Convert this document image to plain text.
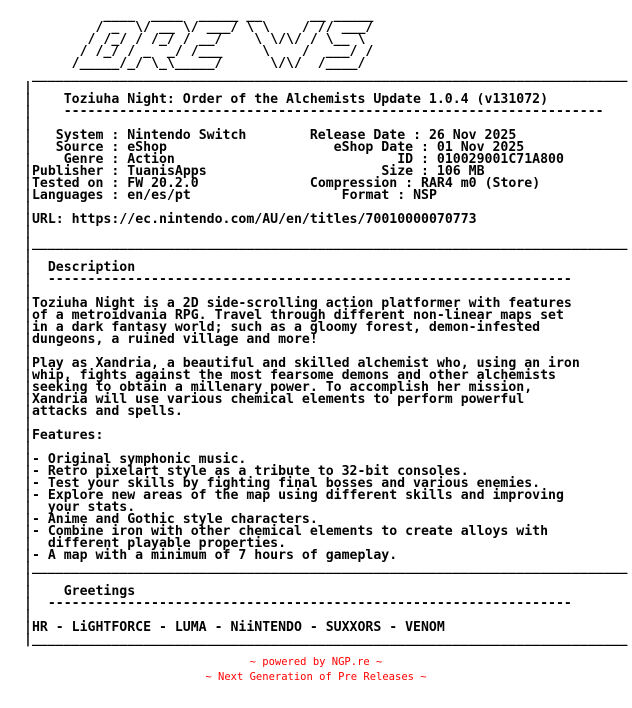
____  ____  _____ __      __ _____
/ _  \/ __ \/ ___/ \ \    / // ___/
/ /_/ / /_/ / __/    \ \/\/ / \__ \
/ /_/ / _  _/ /___     \    /  ___/ /
/_____/_/ \_\_____/      \/\/  /____/
___________________________________________________________________________
|
|    Toziuha Night: Order of the Alchemists Update 1.0.4 (v131072)
|    --------------------------------------------------------------------
|
|   System : Nintendo Switch	Release Date : 26 Nov 2025
|   Source : eShop	eShop Date : 01 Nov 2025
|    Genre : Action	ID : 010029001C71A800
|Publisher : TuanisApps	Size : 106 MB
|Tested on : FW 20.2.0	Compression : RAR4 m0 (Store)
|Languages : en/es/pt	Format : NSP
|
|URL: https://ec.nintendo.com/AU/en/titles/70010000070773
|
|___________________________________________________________________________
|
|  Description
|  ------------------------------------------------------------------
|
|Toziuha Night is a 2D side-scrolling action platformer with features
|of a metroidvania RPG. Travel through different non-linear maps set
|in a dark fantasy world; such as a gloomy forest, demon-infested
|dungeons, a ruined village and more!
|
|Play as Xandria, a beautiful and skilled alchemist who, using an iron
|whip, fights against the most fearsome demons and other alchemists
|seeking to obtain a millenary power. To accomplish her mission,
|Xandria will use various chemical elements to perform powerful
|attacks and spells.
|
|Features:
|
|- Original symphonic music.
|- Retro pixelart style as a tribute to 32-bit consoles.
|- Test your skills by fighting final bosses and various enemies.
|- Explore new areas of the map using different skills and improving
|  your stats.
|- Anime and Gothic style characters.
|- Combine iron with other chemical elements to create alloys with
|  different playable properties.
|- A map with a minimum of 7 hours of gameplay.
|___________________________________________________________________________
|
|    Greetings
|  ------------------------------------------------------------------
|
|HR - LiGHTFORCE - LUMA - NiiNTENDO - SUXXORS - VENOM
|___________________________________________________________________________
~ powered by NGP.re ~
~ Next Generation of Pre Releases ~
